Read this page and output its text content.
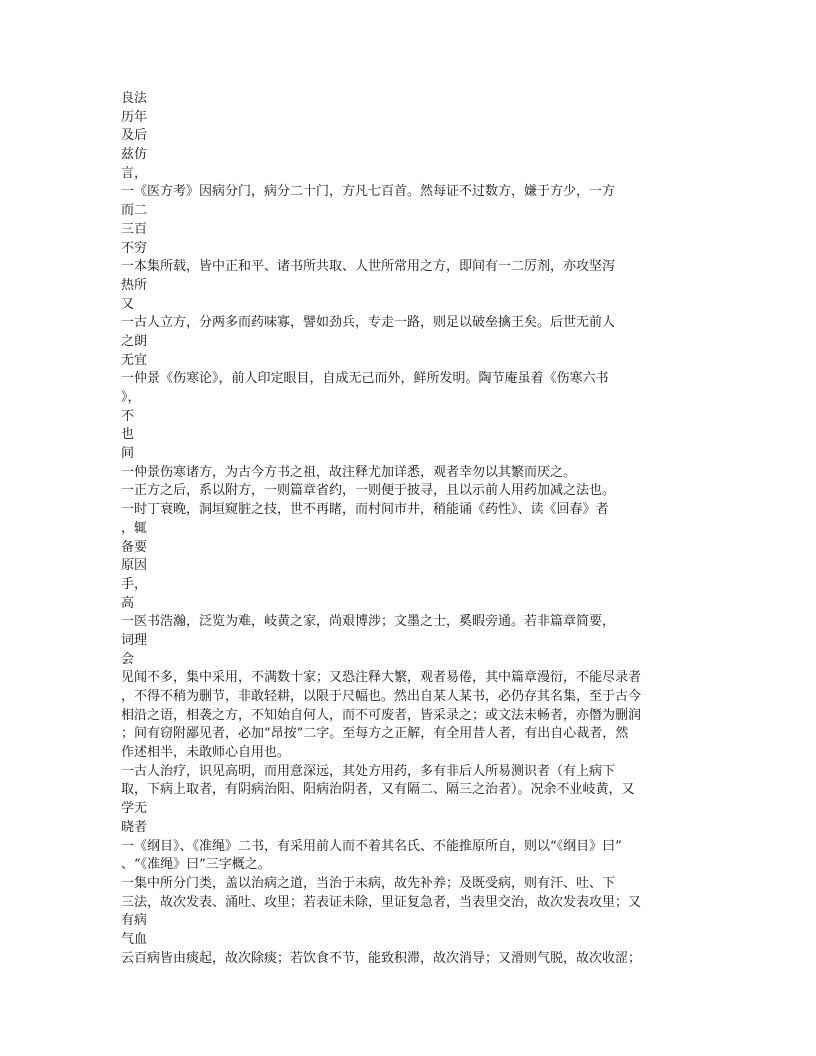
良法
历年
及后
兹仿
言，
一《医方考》因病分门，病分二十门，方凡七百首。然每证不过数方，嫌于方少，一方
而二
三百
不穷
一本集所载，皆中正和平、诸书所共取、人世所常用之方，即间有一二厉剂，亦攻坚泻
热所
又
一古人立方，分两多而药味寡，譬如劲兵，专走一路，则足以破垒擒王矣。后世无前人
之朗
无宜
一仲景《伤寒论》，前人印定眼目，自成无己而外，鲜所发明。陶节庵虽着《伤寒六书
》，
不
也
间
一仲景伤寒诸方，为古今方书之祖，故注释尤加详悉，观者幸勿以其繁而厌之。
一正方之后，系以附方，一则篇章省约，一则便于披寻，且以示前人用药加减之法也。
一时丁衰晚，洞垣窥脏之技，世不再睹，而村间市井，稍能诵《药性》、读《回春》者
，辄
备要
原因
手，
高
一医书浩瀚，泛览为难，岐黄之家，尚艰博涉；文墨之士，奚暇旁通。若非篇章简要，
词理
会
见闻不多，集中采用，不满数十家；又恐注释大繁，观者易倦，其中篇章漫衍，不能尽录者
，不得不稍为删节，非敢轻耕，以限于尺幅也。然出自某人某书，必仍存其名集，至于古今
相沿之语，相袭之方，不知始自何人，而不可废者，皆采录之；或文法未畅者，亦僭为删润
；间有窃附鄙见者，必加“昂按”二字。至每方之正解，有全用昔人者，有出自心裁者，然
作述相半，未敢师心自用也。
一古人治疗，识见高明，而用意深远，其处方用药，多有非后人所易测识者（有上病下
取，下病上取者，有阴病治阳、阳病治阴者，又有隔二、隔三之治者）。况余不业岐黄，又
学无
晓者
一《纲目》、《准绳》二书，有采用前人而不着其名氏、不能推原所自，则以“《纲目》曰”
、“《准绳》曰”三字概之。
一集中所分门类，盖以治病之道，当治于未病，故先补养；及既受病，则有汗、吐、下
三法，故次发表、涌吐、攻里；若表证未除，里证复急者，当表里交治，故次发表攻里；又
有病
气血
云百病皆由痰起，故次除痰；若饮食不节，能致积滞，故次消导；又滑则气脱，故次收涩；
